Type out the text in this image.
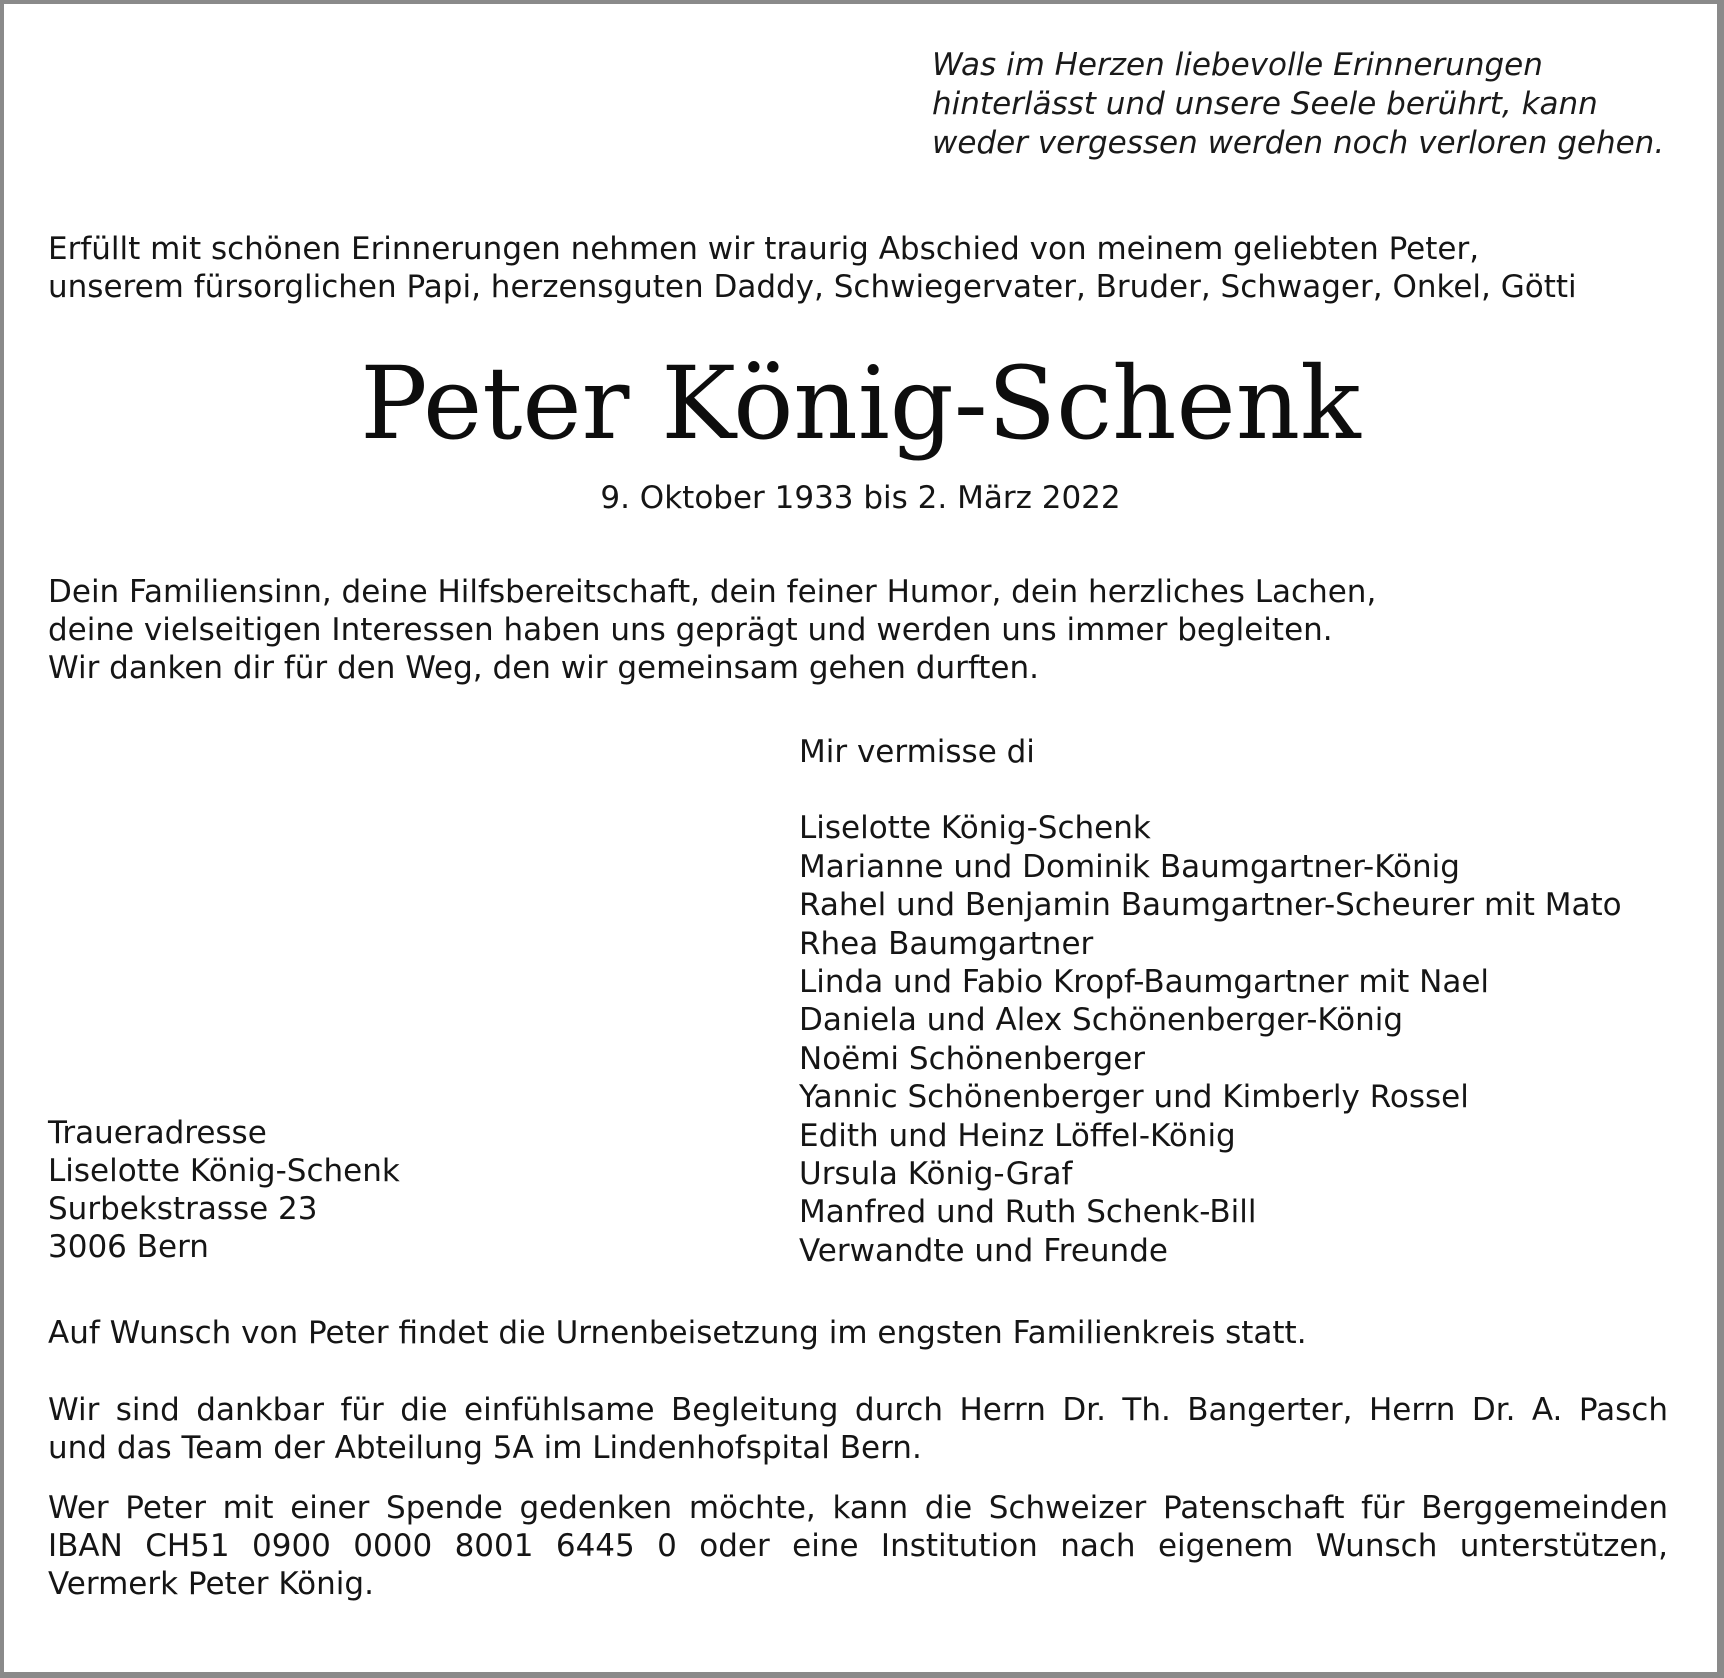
Was im Herzen liebevolle Erinnerungen
hinterlässt und unsere Seele berührt, kann
weder vergessen werden noch verloren gehen.
Erfüllt mit schönen Erinnerungen nehmen wir traurig Abschied von meinem geliebten Peter,
unserem fürsorglichen Papi, herzensguten Daddy, Schwiegervater, Bruder, Schwager, Onkel, Götti
Peter König-Schenk
9. Oktober 1933 bis 2. März 2022
Dein Familiensinn, deine Hilfsbereitschaft, dein feiner Humor, dein herzliches Lachen,
deine vielseitigen Interessen haben uns geprägt und werden uns immer begleiten.
Wir danken dir für den Weg, den wir gemeinsam gehen durften.
Mir vermisse di
Liselotte König-Schenk
Marianne und Dominik Baumgartner-König
Rahel und Benjamin Baumgartner-Scheurer mit Mato
Rhea Baumgartner
Linda und Fabio Kropf-Baumgartner mit Nael
Daniela und Alex Schönenberger-König
Noëmi Schönenberger
Yannic Schönenberger und Kimberly Rossel
Edith und Heinz Löffel-König
Ursula König-Graf
Manfred und Ruth Schenk-Bill
Verwandte und Freunde
Traueradresse
Liselotte König-Schenk
Surbekstrasse 23
3006 Bern
Auf Wunsch von Peter findet die Urnenbeisetzung im engsten Familienkreis statt.
Wir sind dankbar für die einfühlsame Begleitung durch Herrn Dr. Th. Bangerter, Herrn Dr. A. Pasch
und das Team der Abteilung 5A im Lindenhofspital Bern.
Wer Peter mit einer Spende gedenken möchte, kann die Schweizer Patenschaft für Berggemeinden
IBAN CH51 0900 0000 8001 6445 0 oder eine Institution nach eigenem Wunsch unterstützen,
Vermerk Peter König.
